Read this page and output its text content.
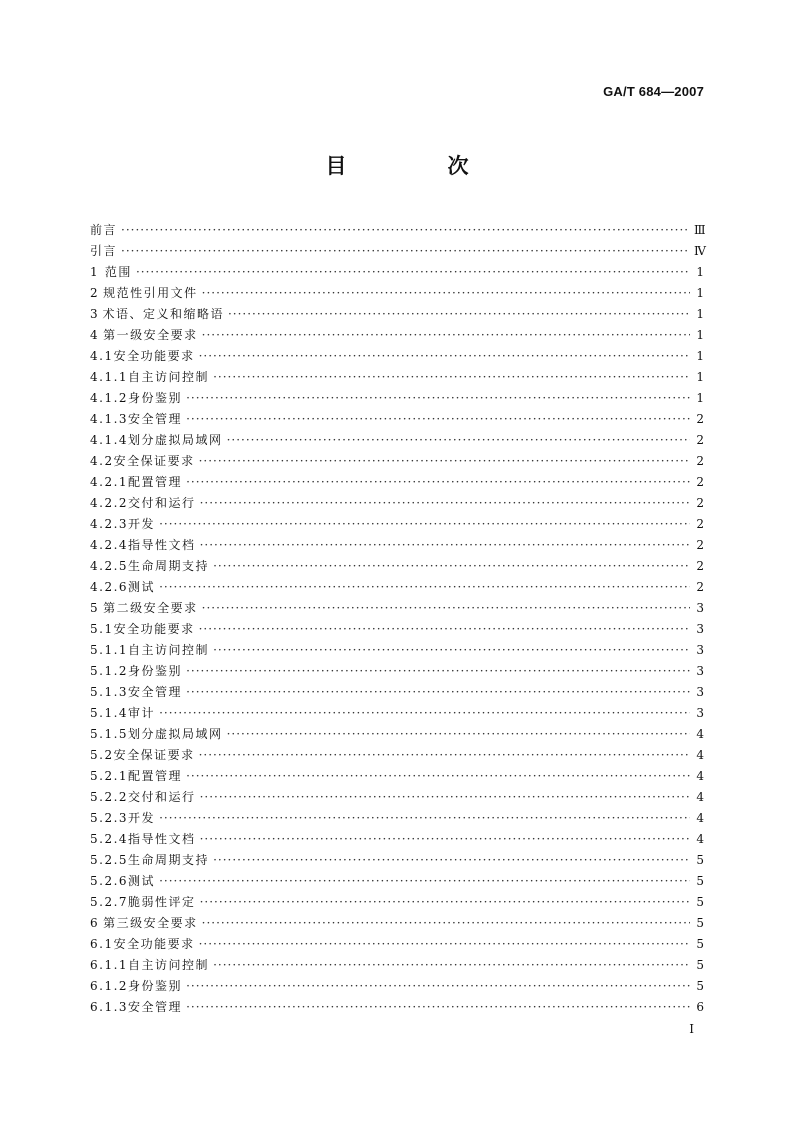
GA/T 684—2007
目　次
前言 ·····	Ⅲ
引言 ·····	Ⅳ
1 范围 ·····	1
2 规范性引用文件 ·····	1
3 术语、定义和缩略语 ·····	1
4 第一级安全要求 ·····	1
4.1 安全功能要求 ·····	1
4.1.1 自主访问控制 ·····	1
4.1.2 身份鉴别 ·····	1
4.1.3 安全管理 ·····	2
4.1.4 划分虚拟局域网 ·····	2
4.2 安全保证要求 ·····	2
4.2.1 配置管理 ·····	2
4.2.2 交付和运行 ·····	2
4.2.3 开发 ·····	2
4.2.4 指导性文档 ·····	2
4.2.5 生命周期支持 ·····	2
4.2.6 测试 ·····	2
5 第二级安全要求 ·····	3
5.1 安全功能要求 ·····	3
5.1.1 自主访问控制 ·····	3
5.1.2 身份鉴别 ·····	3
5.1.3 安全管理 ·····	3
5.1.4 审计 ·····	3
5.1.5 划分虚拟局域网 ·····	4
5.2 安全保证要求 ·····	4
5.2.1 配置管理 ·····	4
5.2.2 交付和运行 ·····	4
5.2.3 开发 ·····	4
5.2.4 指导性文档 ·····	4
5.2.5 生命周期支持 ·····	5
5.2.6 测试 ·····	5
5.2.7 脆弱性评定 ·····	5
6 第三级安全要求 ·····	5
6.1 安全功能要求 ·····	5
6.1.1 自主访问控制 ·····	5
6.1.2 身份鉴别 ·····	5
6.1.3 安全管理 ·····	6
I
